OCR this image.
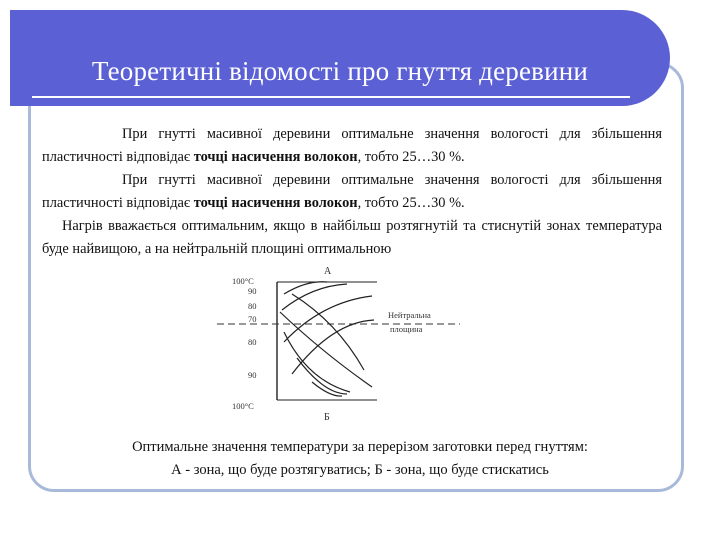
Теоретичні відомості про гнуття деревини

При гнутті масивної деревини оптимальне значення вологості для збільшення пластичності відповідає точці насичення волокон, тобто 25…30 %.

При гнутті масивної деревини оптимальне значення вологості для збільшення пластичності відповідає точці насичення волокон, тобто 25…30 %.

Нагрів вважається оптимальним, якщо в найбільш розтягнутій та стиснутій зонах температура буде найвищою, а на нейтральній площині оптимальною

А
Б
100°С
90
80
70
80
90
100°С
Нейтральна
площина
Оптимальне значення температури за перерізом заготовки перед гнуттям:
А - зона, що буде розтягуватись; Б - зона, що буде стискатись
